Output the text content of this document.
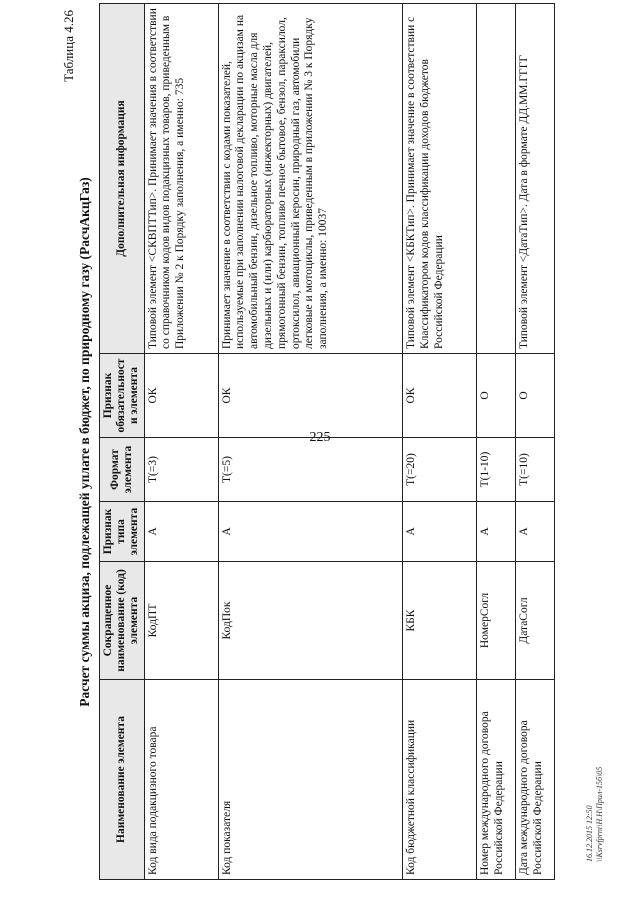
225
Таблица 4.26
Расчет суммы акциза, подлежащей уплате в бюджет, по природному газу (РасчАкцГаз)
Наименование элемента	Сокращенное наименование (код) элемента	Признак типа элемента	Формат элемента	Признак обязательности элемента	Дополнительная информация
Код вида подакцизного товара	КодПТ	А	Т(=3)	ОК	Типовой элемент <СКВПТТип>. Принимает значения в соответствии со справочником кодов видов подакцизных товаров, приведенным в Приложении № 2 к Порядку заполнения, а именно: 735
Код показателя	КодПок	А	Т(=5)	ОК	Принимает значение в соответствии с кодами показателей, используемые при заполнении налоговой декларации по акцизам на автомобильный бензин, дизельное топливо, моторные масла для дизельных и (или) карбюраторных (инжекторных) двигателей, прямогонный бензин, топливо печное бытовое, бензол, параксилол, ортоксилол, авиационный керосин, природный газ, автомобили легковые и мотоциклы, приведенным в приложении № 3 к Порядку заполнения, а именно: 10037
Код бюджетной классификации	КБК	А	Т(=20)	ОК	Типовой элемент <КБКТип>. Принимает значение в соответствии с Классификатором кодов классификации доходов бюджетов Российской Федерации
Номер международного договора Российской Федерации	НомерСогл	А	Т(1-10)	О	
Дата международного договора Российской Федерации	ДатаСогл	А	Т(=10)	О	Типовой элемент <ДатаТип>. Дата в формате ДД.ММ.ГГГГ
16.12.2015 12:50 \\Ksrvfprnt\H.H\Прил-15б\05
